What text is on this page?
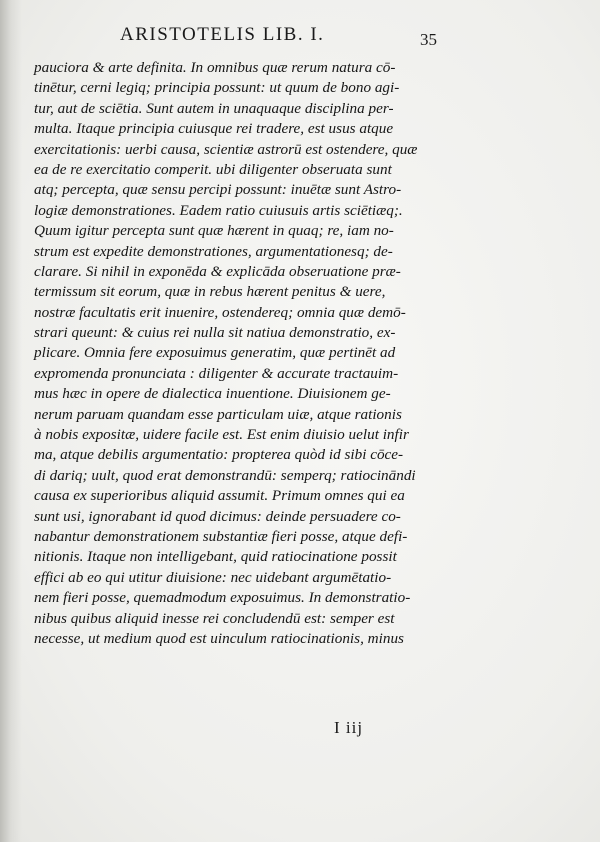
ARISTOTELIS LIB. I.	35
pauciora & arte definita. In omnibus quæ rerum natura cō-
tinētur, cerni legiq; principia possunt: ut quum de bono agi-
tur, aut de sciētia. Sunt autem in unaquaque disciplina per-
multa. Itaque principia cuiusque rei tradere, est usus atque
exercitationis: uerbi causa, scientiæ astrorū est ostendere, quæ
ea de re exercitatio comperit. ubi diligenter obseruata sunt
atq; percepta, quæ sensu percipi possunt: inuētæ sunt Astro-
logiæ demonstrationes. Eadem ratio cuiusuis artis sciētiæq;.
Quum igitur percepta sunt quæ hærent in quaq; re, iam no-
strum est expedite demonstrationes, argumentationesq; de-
clarare. Si nihil in exponēda & explicāda obseruatione præ-
termissum sit eorum, quæ in rebus hærent penitus & uere,
nostræ facultatis erit inuenire, ostendereq; omnia quæ demō-
strari queunt: & cuius rei nulla sit natiua demonstratio, ex-
plicare. Omnia fere exposuimus generatim, quæ pertinēt ad
expromenda pronunciata : diligenter & accurate tractauim-
mus hæc in opere de dialectica inuentione. Diuisionem ge-
nerum paruam quandam esse particulam uiæ, atque rationis
à nobis expositæ, uidere facile est. Est enim diuisio uelut infir
ma, atque debilis argumentatio: propterea quòd id sibi cōce-
di dariq; uult, quod erat demonstrandū: semperq; ratiocināndi
causa ex superioribus aliquid assumit. Primum omnes qui ea
sunt usi, ignorabant id quod dicimus: deinde persuadere co-
nabantur demonstrationem substantiæ fieri posse, atque defi-
nitionis. Itaque non intelligebant, quid ratiocinatione possit
effici ab eo qui utitur diuisione: nec uidebant argumētatio-
nem fieri posse, quemadmodum exposuimus. In demonstratio-
nibus quibus aliquid inesse rei concludendū est: semper est
necesse, ut medium quod est uinculum ratiocinationis, minus
I iij
